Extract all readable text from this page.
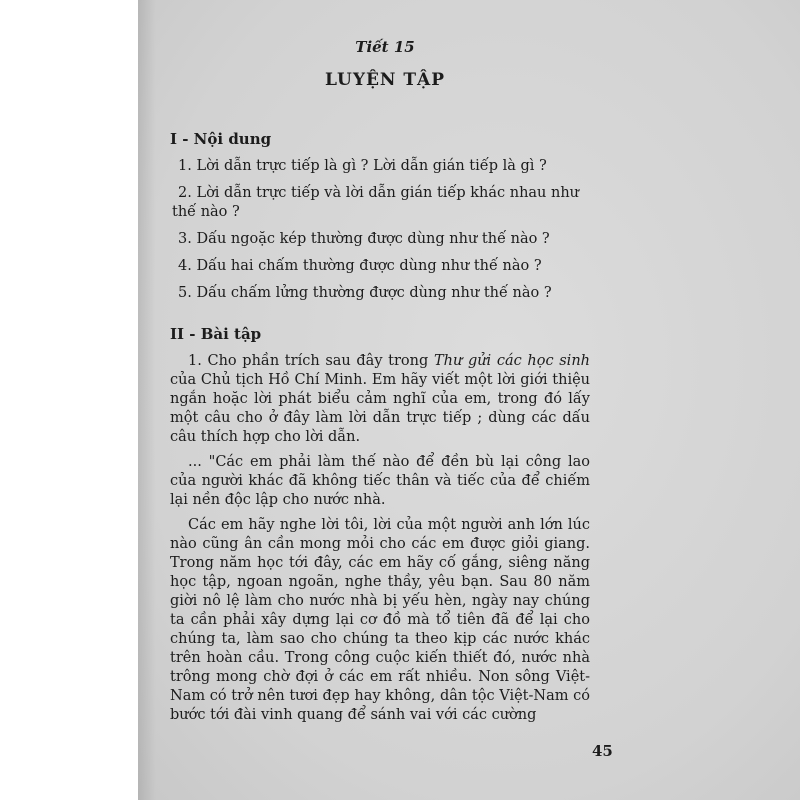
Tiết 15
LUYỆN TẬP
I - Nội dung
1. Lời dẫn trực tiếp là gì ? Lời dẫn gián tiếp là gì ?
2. Lời dẫn trực tiếp và lời dẫn gián tiếp khác nhau như thế nào ?
3. Dấu ngoặc kép thường được dùng như thế nào ?
4. Dấu hai chấm thường được dùng như thế nào ?
5. Dấu chấm lửng thường được dùng như thế nào ?
II - Bài tập
1. Cho phần trích sau đây trong Thư gửi các học sinh của Chủ tịch Hồ Chí Minh. Em hãy viết một lời giới thiệu ngắn hoặc lời phát biểu cảm nghĩ của em, trong đó lấy một câu cho ở đây làm lời dẫn trực tiếp ; dùng các dấu câu thích hợp cho lời dẫn.
... "Các em phải làm thế nào để đền bù lại công lao của người khác đã không tiếc thân và tiếc của để chiếm lại nền độc lập cho nước nhà.
Các em hãy nghe lời tôi, lời của một người anh lớn lúc nào cũng ân cần mong mỏi cho các em được giỏi giang. Trong năm học tới đây, các em hãy cố gắng, siêng năng học tập, ngoan ngoãn, nghe thầy, yêu bạn. Sau 80 năm giời nô lệ làm cho nước nhà bị yếu hèn, ngày nay chúng ta cần phải xây dựng lại cơ đồ mà tổ tiên đã để lại cho chúng ta, làm sao cho chúng ta theo kịp các nước khác trên hoàn cầu. Trong công cuộc kiến thiết đó, nước nhà trông mong chờ đợi ở các em rất nhiều. Non sông Việt-Nam có trở nên tươi đẹp hay không, dân tộc Việt-Nam có bước tới đài vinh quang để sánh vai với các cường
45
